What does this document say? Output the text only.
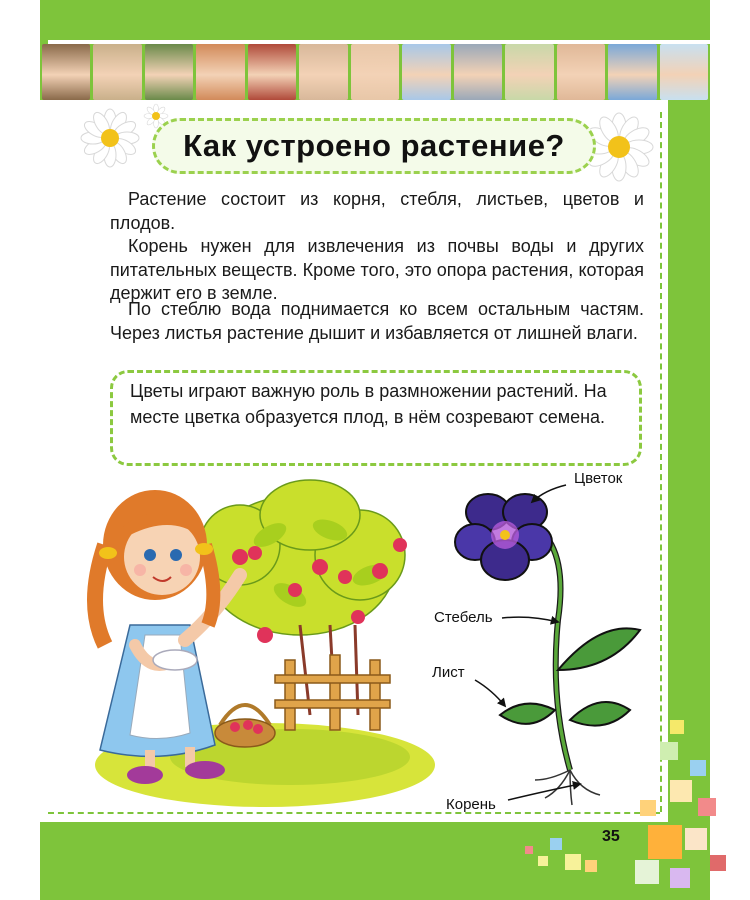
Как устроено растение?

Растение состоит из корня, стебля, листьев, цветов и плодов.

Корень нужен для извлечения из почвы воды и других питательных веществ. Кроме того, это опора растения, которая держит его в земле.

По стеблю вода поднимается ко всем остальным частям. Через листья растение дышит и избавляется от лишней влаги.

Цветы играют важную роль в размножении растений. На месте цветка образуется плод, в нём созревают семена.

Цветок
Стебель
Лист
Корень
35
